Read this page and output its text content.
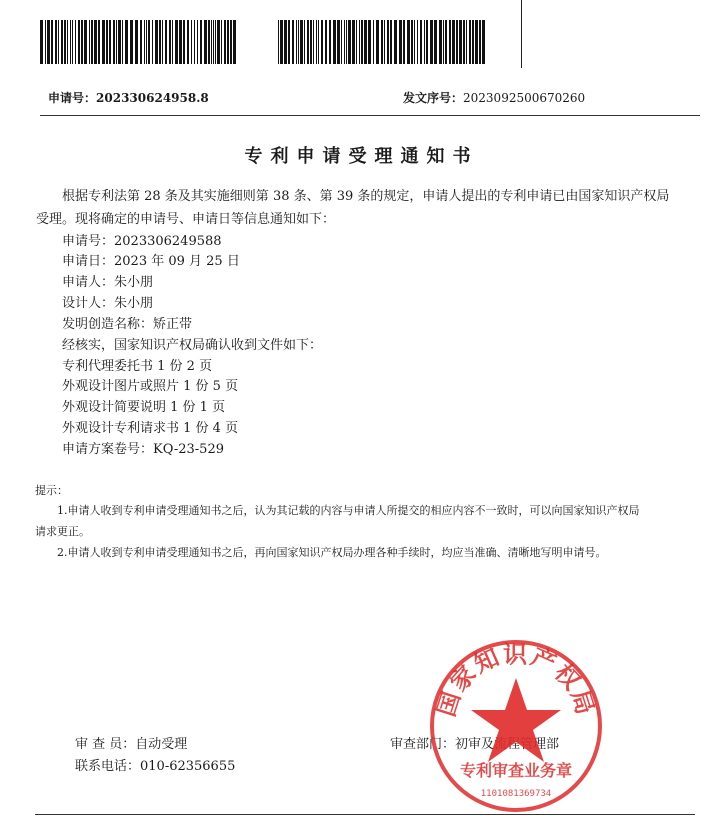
申请号：202330624958.8	发文序号：2023092500670260
专利申请受理通知书
根据专利法第 28 条及其实施细则第 38 条、第 39 条的规定，申请人提出的专利申请已由国家知识产权局
受理。现将确定的申请号、申请日等信息通知如下：
申请号：2023306249588
申请日：2023 年 09 月 25 日
申请人：朱小朋
设计人：朱小朋
发明创造名称：矫正带
经核实，国家知识产权局确认收到文件如下：
专利代理委托书 1 份 2 页
外观设计图片或照片 1 份 5 页
外观设计简要说明 1 份 1 页
外观设计专利请求书 1 份 4 页
申请方案卷号：KQ-23-529
提示：
1.申请人收到专利申请受理通知书之后，认为其记载的内容与申请人所提交的相应内容不一致时，可以向国家知识产权局
请求更正。
2.申请人收到专利申请受理通知书之后，再向国家知识产权局办理各种手续时，均应当准确、清晰地写明申请号。
审 查 员：自动受理
联系电话：010-62356655
审查部门：初审及流程管理部
国家知识产权局
专利审查业务章
1101081369734
